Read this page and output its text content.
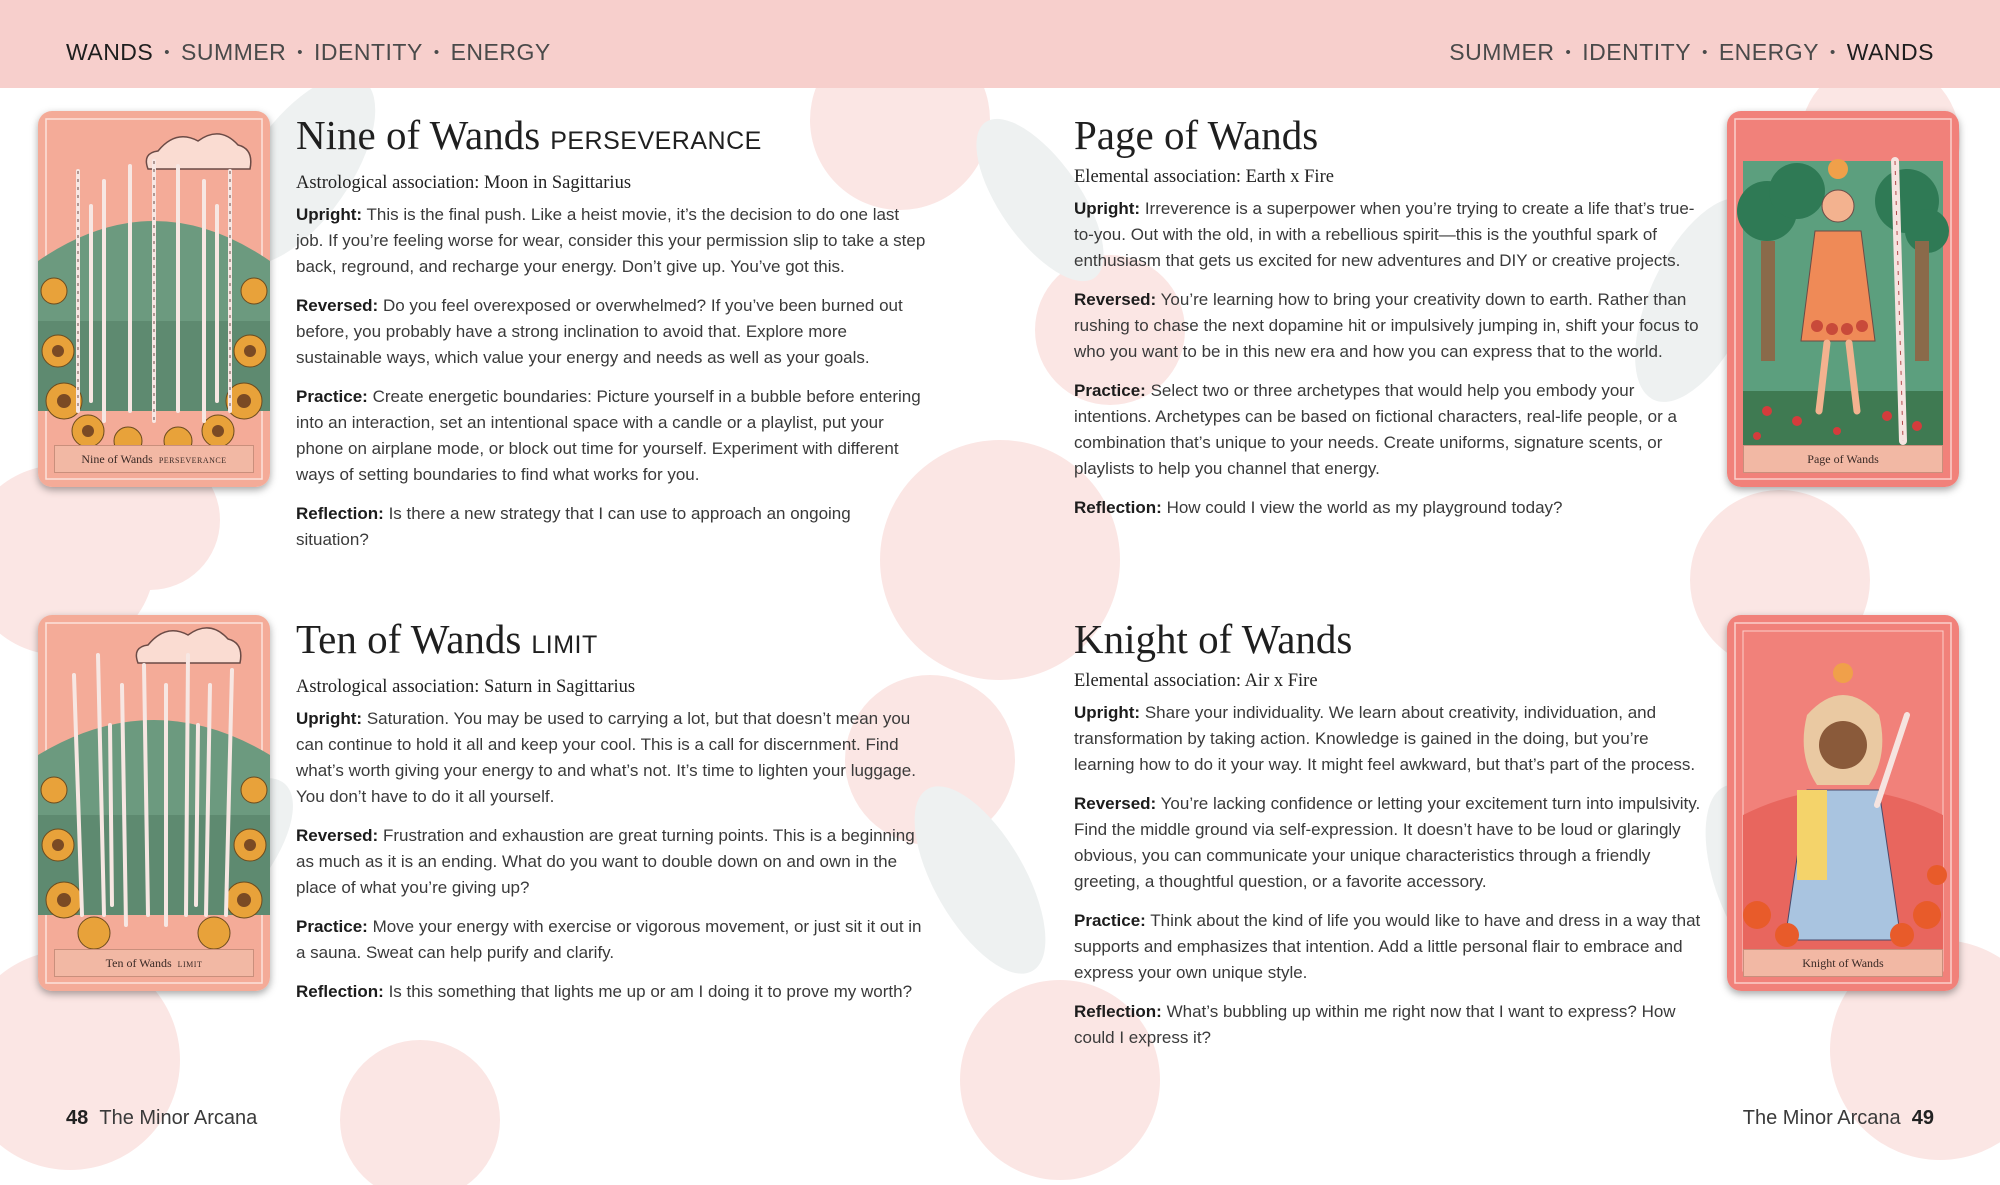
WANDS • SUMMER • IDENTITY • ENERGY	SUMMER • IDENTITY • ENERGY • WANDS
Nine of Wands PERSEVERANCE
Ten of Wands LIMIT
Page of Wands
Knight of Wands
Nine of Wands PERSEVERANCE
Astrological association: Moon in Sagittarius

Upright: This is the final push. Like a heist movie, it’s the decision to do one last job. If you’re feeling worse for wear, consider this your permission slip to take a step back, reground, and recharge your energy. Don’t give up. You’ve got this.

Reversed: Do you feel overexposed or overwhelmed? If you’ve been burned out before, you probably have a strong inclination to avoid that. Explore more sustainable ways, which value your energy and needs as well as your goals.

Practice: Create energetic boundaries: Picture yourself in a bubble before entering into an interaction, set an intentional space with a candle or a playlist, put your phone on airplane mode, or block out time for yourself. Experiment with different ways of setting boundaries to find what works for you.

Reflection: Is there a new strategy that I can use to approach an ongoing situation?

Ten of Wands LIMIT
Astrological association: Saturn in Sagittarius

Upright: Saturation. You may be used to carrying a lot, but that doesn’t mean you can continue to hold it all and keep your cool. This is a call for discernment. Find what’s worth giving your energy to and what’s not. It’s time to lighten your luggage. You don’t have to do it all yourself.

Reversed: Frustration and exhaustion are great turning points. This is a beginning as much as it is an ending. What do you want to double down on and own in the place of what you’re giving up?

Practice: Move your energy with exercise or vigorous movement, or just sit it out in a sauna. Sweat can help purify and clarify.

Reflection: Is this something that lights me up or am I doing it to prove my worth?

Page of Wands
Elemental association: Earth x Fire

Upright: Irreverence is a superpower when you’re trying to create a life that’s true-to-you. Out with the old, in with a rebellious spirit—this is the youthful spark of enthusiasm that gets us excited for new adventures and DIY or creative projects.

Reversed: You’re learning how to bring your creativity down to earth. Rather than rushing to chase the next dopamine hit or impulsively jumping in, shift your focus to who you want to be in this new era and how you can express that to the world.

Practice: Select two or three archetypes that would help you embody your intentions. Archetypes can be based on fictional characters, real-life people, or a combination that’s unique to your needs. Create uniforms, signature scents, or playlists to help you channel that energy.

Reflection: How could I view the world as my playground today?

Knight of Wands
Elemental association: Air x Fire

Upright: Share your individuality. We learn about creativity, individuation, and transformation by taking action. Knowledge is gained in the doing, but you’re learning how to do it your way. It might feel awkward, but that’s part of the process.

Reversed: You’re lacking confidence or letting your excitement turn into impulsivity. Find the middle ground via self-expression. It doesn’t have to be loud or glaringly obvious, you can communicate your unique characteristics through a friendly greeting, a thoughtful question, or a favorite accessory.

Practice: Think about the kind of life you would like to have and dress in a way that supports and emphasizes that intention. Add a little personal flair to embrace and express your own unique style.

Reflection: What’s bubbling up within me right now that I want to express? How could I express it?

48 The Minor Arcana	The Minor Arcana 49
